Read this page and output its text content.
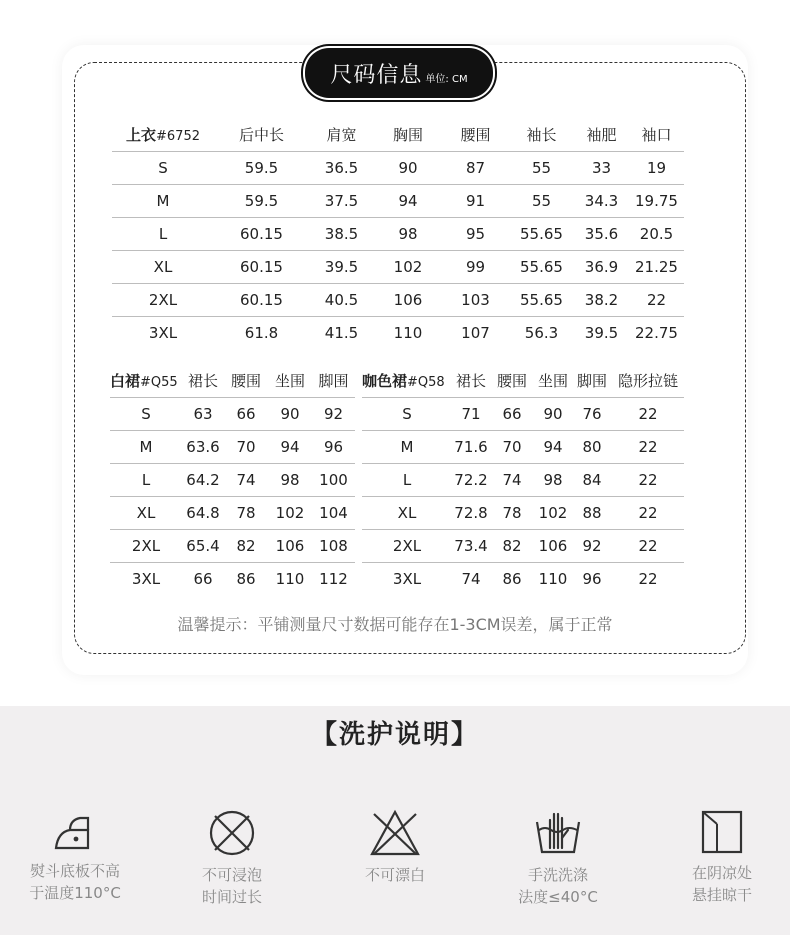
尺码信息 单位: CM
上衣#6752	后中长	肩宽	胸围	腰围	袖长	袖肥	袖口
S	59.5	36.5	90	87	55	33	19
M	59.5	37.5	94	91	55	34.3	19.75
L	60.15	38.5	98	95	55.65	35.6	20.5
XL	60.15	39.5	102	99	55.65	36.9	21.25
2XL	60.15	40.5	106	103	55.65	38.2	22
3XL	61.8	41.5	110	107	56.3	39.5	22.75
白裙#Q55	裙长	腰围	坐围	脚围
S	63	66	90	92
M	63.6	70	94	96
L	64.2	74	98	100
XL	64.8	78	102	104
2XL	65.4	82	106	108
3XL	66	86	110	112
咖色裙#Q58	裙长	腰围	坐围	脚围	隐形拉链
S	71	66	90	76	22
M	71.6	70	94	80	22
L	72.2	74	98	84	22
XL	72.8	78	102	88	22
2XL	73.4	82	106	92	22
3XL	74	86	110	96	22
温馨提示：平铺测量尺寸数据可能存在1-3CM误差，属于正常
【洗护说明】
熨斗底板不高
于温度110°C
不可浸泡
时间过长
不可漂白	手洗洗涤
法度≤40°C
在阴凉处
悬挂晾干
